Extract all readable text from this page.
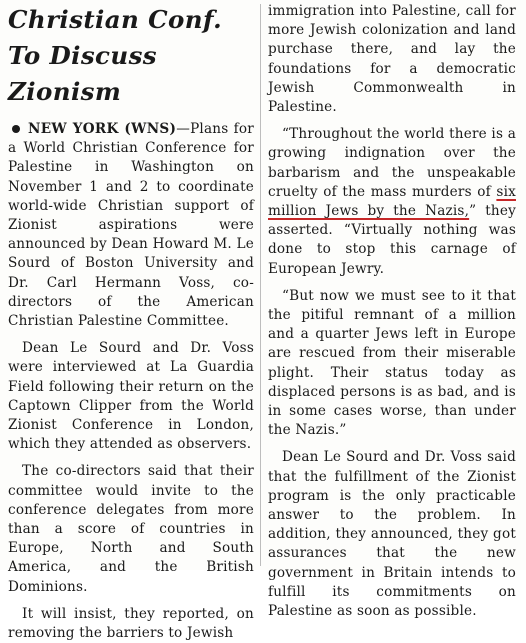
Christian Conf.
To Discuss Zionism

NEW YORK (WNS)—Plans for a World Christian Conference for Palestine in Washington on November 1 and 2 to coordinate world-wide Christian support of Zionist aspirations were announced by Dean Howard M. Le Sourd of Boston University and Dr. Carl Hermann Voss, co-directors of the American Christian Palestine Committee.

Dean Le Sourd and Dr. Voss were interviewed at La Guardia Field following their return on the Captown Clipper from the World Zionist Conference in London, which they attended as observers.

The co-directors said that their committee would invite to the conference delegates from more than a score of countries in Europe, North and South America, and the British Dominions.

It will insist, they reported, on removing the barriers to Jewish

immigration into Palestine, call for more Jewish colonization and land purchase there, and lay the foundations for a democratic Jewish Commonwealth in Palestine.

“Throughout the world there is a growing indignation over the barbarism and the unspeakable cruelty of the mass murders of six million Jews by the Nazis,” they asserted. “Virtually nothing was done to stop this carnage of European Jewry.

“But now we must see to it that the pitiful remnant of a million and a quarter Jews left in Europe are rescued from their miserable plight. Their status today as displaced persons is as bad, and is in some cases worse, than under the Nazis.”

Dean Le Sourd and Dr. Voss said that the fulfillment of the Zionist program is the only practicable answer to the problem. In addition, they announced, they got assurances that the new government in Britain intends to fulfill its commitments on Palestine as soon as possible.
